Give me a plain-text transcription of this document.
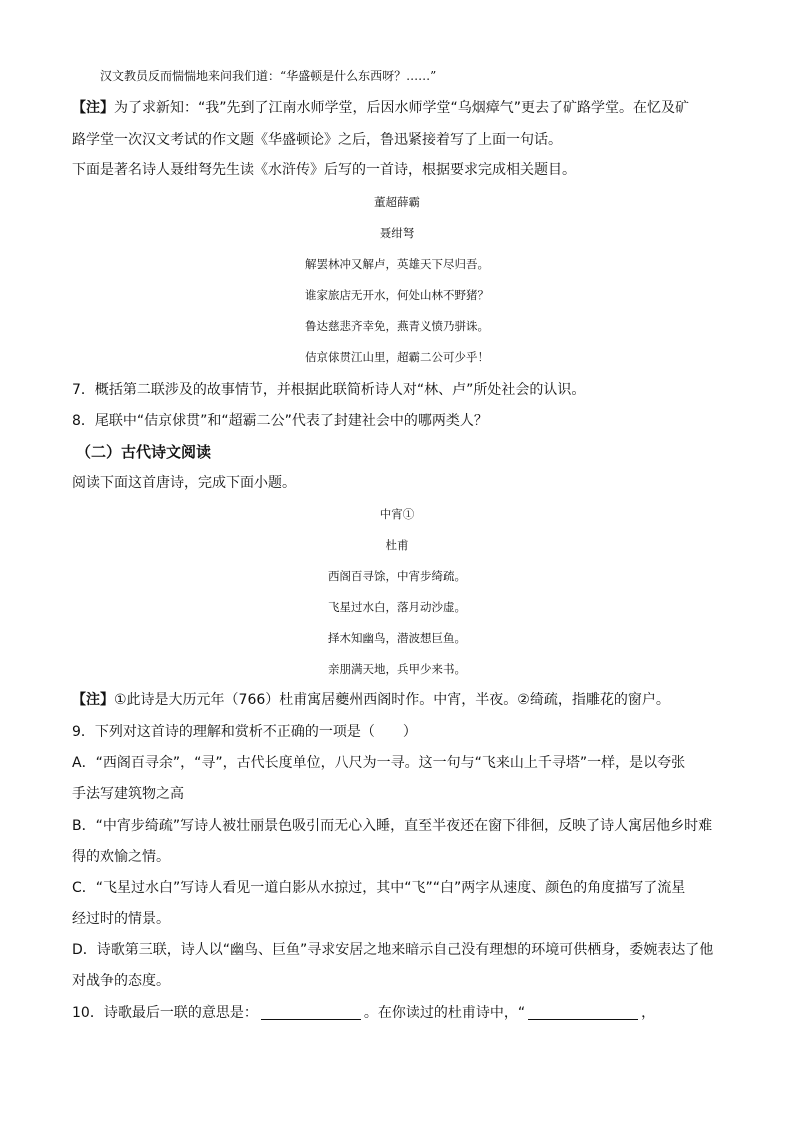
汉文教员反而惴惴地来问我们道：“华盛顿是什么东西呀？……”
【注】为了求新知：“我”先到了江南水师学堂，后因水师学堂“乌烟瘴气”更去了矿路学堂。在忆及矿
路学堂一次汉文考试的作文题《华盛顿论》之后，鲁迅紧接着写了上面一句话。
下面是著名诗人聂绀弩先生读《水浒传》后写的一首诗，根据要求完成相关题目。
董超薛霸
聂绀弩
解罢林冲又解卢，英雄天下尽归吾。
谁家旅店无开水，何处山林不野猪？
鲁达慈悲齐幸免，燕青义愤乃骈诛。
佶京俅贯江山里，超霸二公可少乎！
7．概括第二联涉及的故事情节，并根据此联简析诗人对“林、卢”所处社会的认识。
8．尾联中“佶京俅贯”和“超霸二公”代表了封建社会中的哪两类人？
（二）古代诗文阅读
阅读下面这首唐诗，完成下面小题。
中宵①
杜甫
西阁百寻馀，中宵步绮疏。
飞星过水白，落月动沙虚。
择木知幽鸟，潜波想巨鱼。
亲朋满天地，兵甲少来书。
【注】①此诗是大历元年（766）杜甫寓居夔州西阁时作。中宵，半夜。②绮疏，指雕花的窗户。
9．下列对这首诗的理解和赏析不正确的一项是（　　）
A．“西阁百寻余”，“寻”，古代长度单位，八尺为一寻。这一句与“飞来山上千寻塔”一样，是以夸张
手法写建筑物之高
B．“中宵步绮疏”写诗人被壮丽景色吸引而无心入睡，直至半夜还在窗下徘徊，反映了诗人寓居他乡时难
得的欢愉之情。
C．“飞星过水白”写诗人看见一道白影从水掠过，其中“飞”“白”两字从速度、颜色的角度描写了流星
经过时的情景。
D．诗歌第三联，诗人以“幽鸟、巨鱼”寻求安居之地来暗示自己没有理想的环境可供栖身，委婉表达了他
对战争的态度。
10．诗歌最后一联的意思是：	。在你读过的杜甫诗中，“	，
